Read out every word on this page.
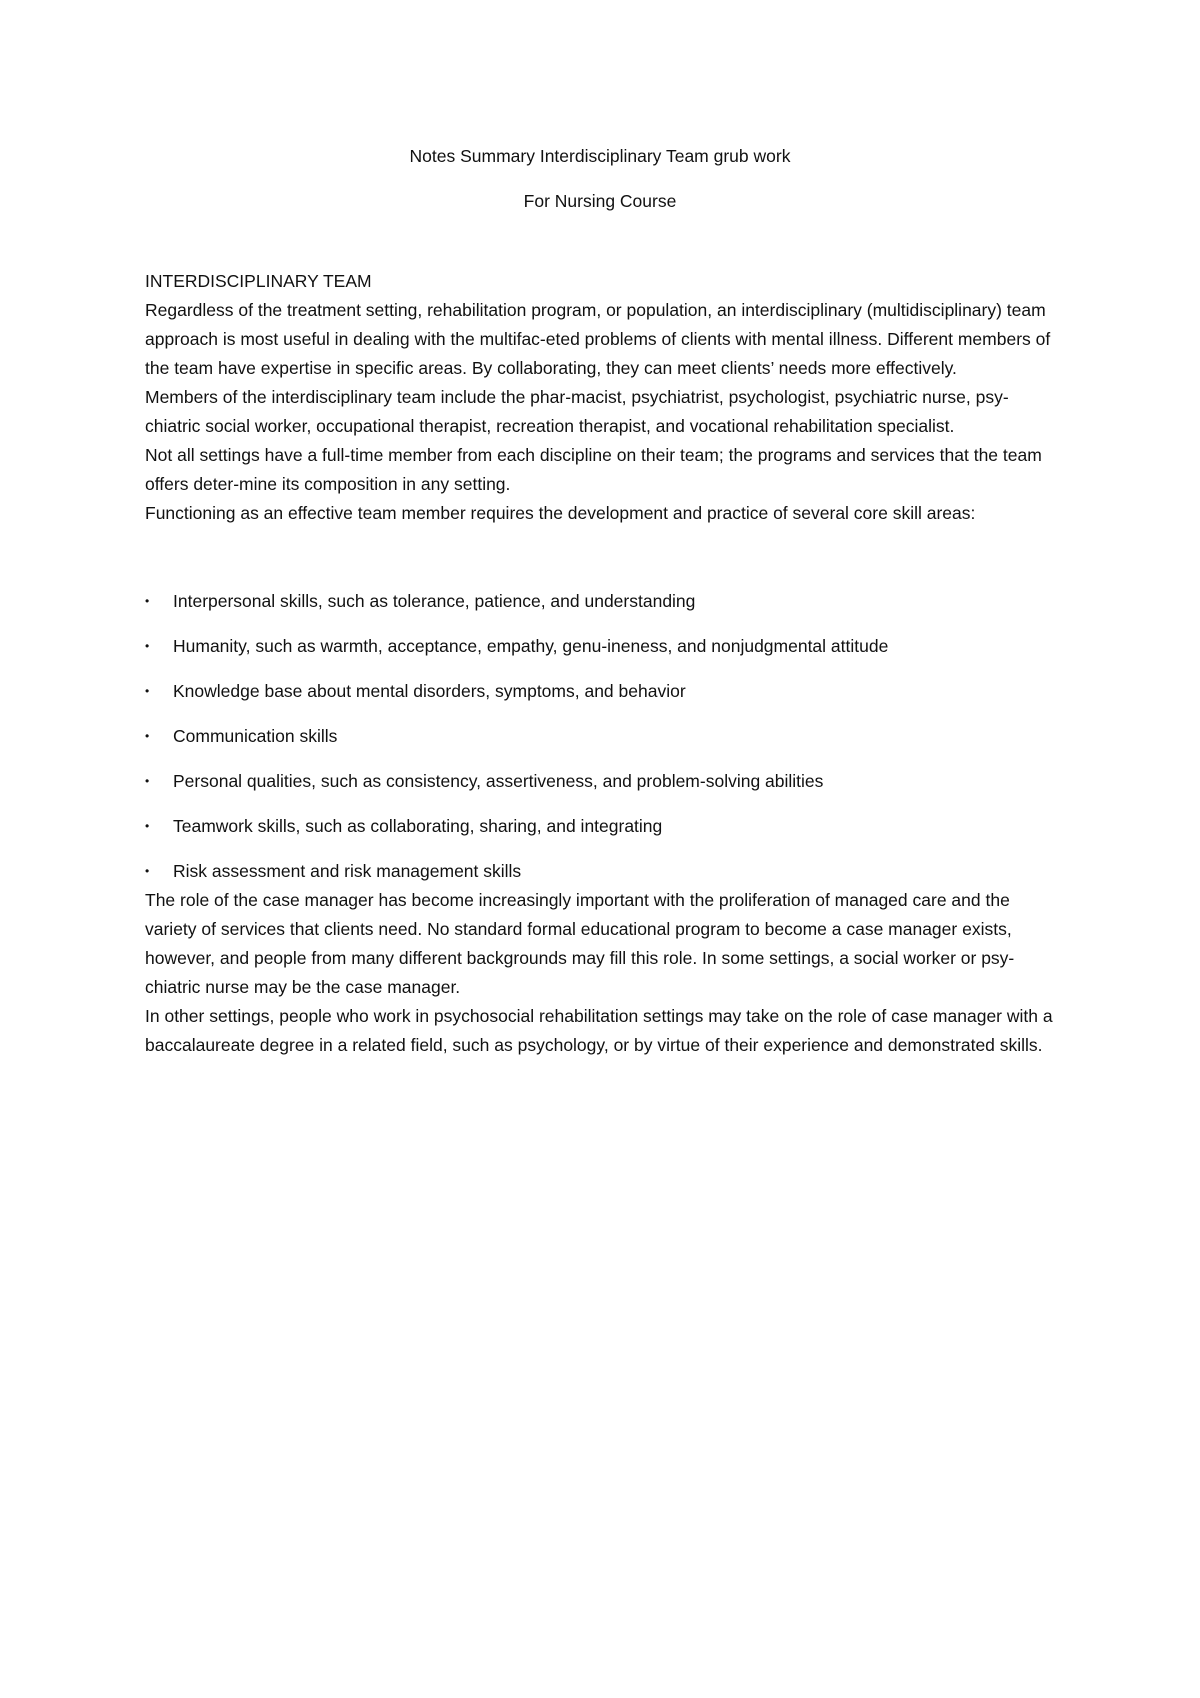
Notes Summary Interdisciplinary Team grub work
For Nursing Course
INTERDISCIPLINARY TEAM

Regardless of the treatment setting, rehabilitation program, or population, an interdisciplinary (multidisciplinary) team approach is most useful in dealing with the multifac-eted problems of clients with mental illness. Different members of the team have expertise in specific areas. By collaborating, they can meet clients’ needs more effectively.

Members of the interdisciplinary team include the phar-macist, psychiatrist, psychologist, psychiatric nurse, psy-chiatric social worker, occupational therapist, recreation therapist, and vocational rehabilitation specialist.

Not all settings have a full-time member from each discipline on their team; the programs and services that the team offers deter-mine its composition in any setting.

Functioning as an effective team member requires the development and practice of several core skill areas:

• Interpersonal skills, such as tolerance, patience, and understanding
• Humanity, such as warmth, acceptance, empathy, genu-ineness, and nonjudgmental attitude
• Knowledge base about mental disorders, symptoms, and behavior
• Communication skills
• Personal qualities, such as consistency, assertiveness, and problem-solving abilities
• Teamwork skills, such as collaborating, sharing, and integrating
• Risk assessment and risk management skills

The role of the case manager has become increasingly important with the proliferation of managed care and the variety of services that clients need. No standard formal educational program to become a case manager exists, however, and people from many different backgrounds may fill this role. In some settings, a social worker or psy-chiatric nurse may be the case manager.

In other settings, people who work in psychosocial rehabilitation settings may take on the role of case manager with a baccalaureate degree in a related field, such as psychology, or by virtue of their experience and demonstrated skills.
